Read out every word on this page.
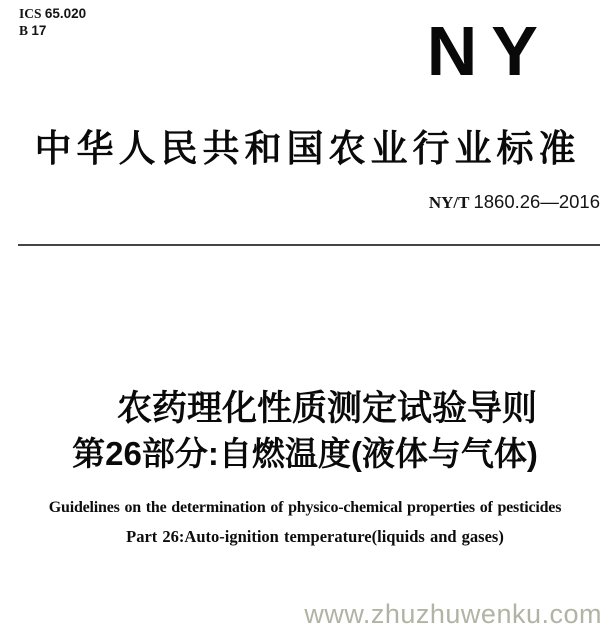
ICS 65.020
B 17	NY
中华人民共和国农业行业标准
NY/T 1860.26—2016
农药理化性质测定试验导则
第26部分:自燃温度(液体与气体)
Guidelines on the determination of physico-chemical properties of pesticides
Part 26:Auto-ignition temperature(liquids and gases)
www.zhuzhuwenku.com
